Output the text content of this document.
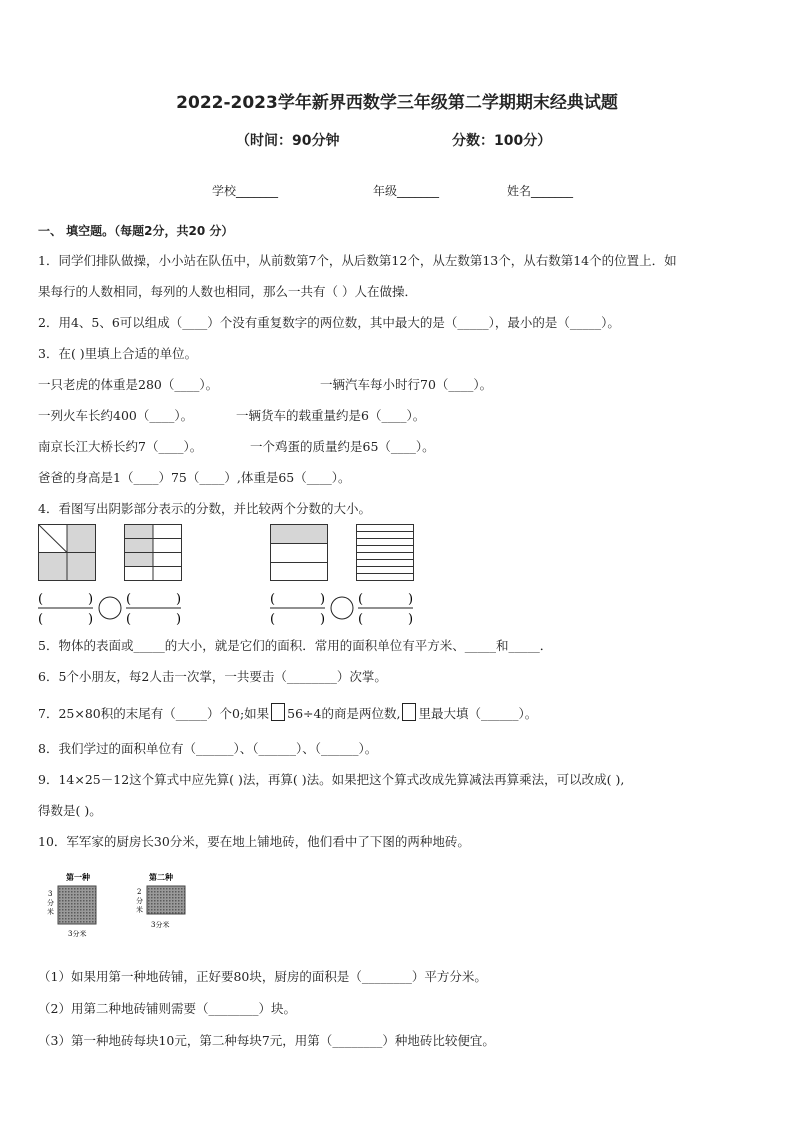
2022-2023学年新界西数学三年级第二学期期末经典试题
（时间：90分钟	分数：100分）
学校_______	年级_______	姓名_______
一、 填空题。（每题2分，共20 分）
1．同学们排队做操，小小站在队伍中，从前数第7个，从后数第12个，从左数第13个，从右数第14个的位置上．如
果每行的人数相同，每列的人数也相同，那么一共有（ ）人在做操．
2．用4、5、6可以组成（____）个没有重复数字的两位数，其中最大的是（_____），最小的是（_____）。
3．在( )里填上合适的单位。
一只老虎的体重是280（____）。	一辆汽车每小时行70（____）。
一列火车长约400（____）。	一辆货车的载重量约是6（____）。
南京长江大桥长约7（____）。	一个鸡蛋的质量约是65（____）。
爸爸的身高是1（____）75（____）,体重是65（____）。
4．看图写出阴影部分表示的分数，并比较两个分数的大小。
(	)
(	)
(	)
(	)
(	)
(	)
(	)
(	)
5．物体的表面或_____的大小，就是它们的面积．常用的面积单位有平方米、_____和_____．
6．5个小朋友，每2人击一次掌，一共要击（________）次掌。
7．25×80积的末尾有（_____）个0;如果 56÷4的商是两位数, 里最大填（______）。
8．我们学过的面积单位有（______）、（______）、（______）。
9．14×25－12这个算式中应先算( )法，再算( )法。如果把这个算式改成先算减法再算乘法，可以改成( ),
得数是( )。
10．军军家的厨房长30分米，要在地上铺地砖，他们看中了下图的两种地砖。
第一种
3
分
米
3分米
第二种
2
分
米
3分米
（1）如果用第一种地砖铺，正好要80块，厨房的面积是（________）平方分米。
（2）用第二种地砖铺则需要（________）块。
（3）第一种地砖每块10元，第二种每块7元，用第（________）种地砖比较便宜。
